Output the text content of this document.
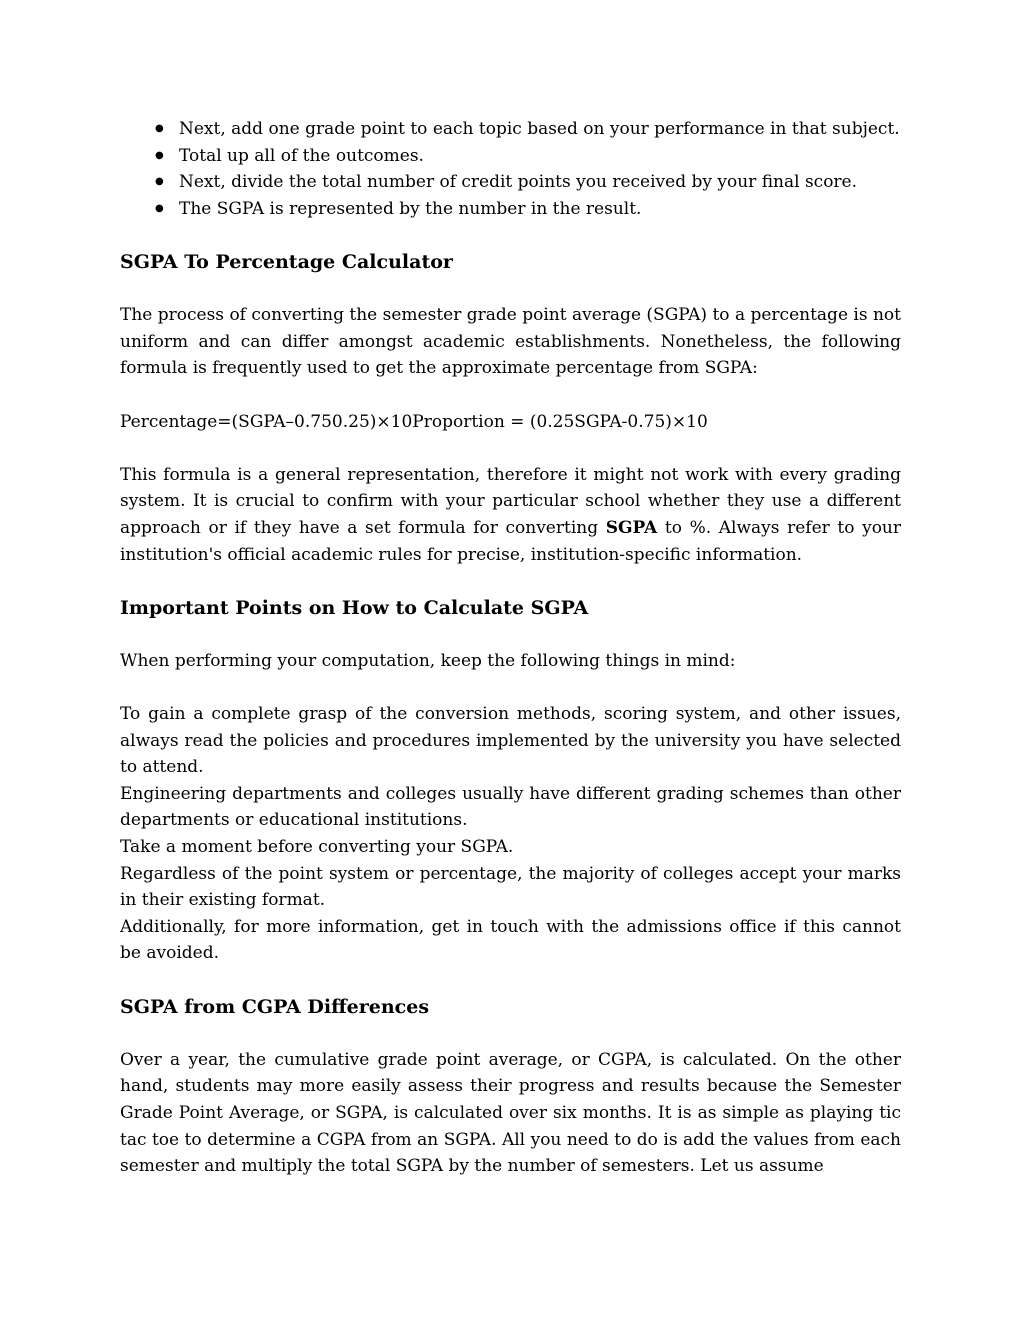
● Next, add one grade point to each topic based on your performance in that subject.
● Total up all of the outcomes.
● Next, divide the total number of credit points you received by your final score.
● The SGPA is represented by the number in the result.
SGPA To Percentage Calculator

The process of converting the semester grade point average (SGPA) to a percentage is not uniform and can differ amongst academic establishments. Nonetheless, the following formula is frequently used to get the approximate percentage from SGPA:

Percentage=(SGPA–0.750.25)×10Proportion = (0.25SGPA-0.75)×10

This formula is a general representation, therefore it might not work with every grading system. It is crucial to confirm with your particular school whether they use a different approach or if they have a set formula for converting SGPA to %. Always refer to your institution's official academic rules for precise, institution-specific information.

Important Points on How to Calculate SGPA

When performing your computation, keep the following things in mind:

To gain a complete grasp of the conversion methods, scoring system, and other issues, always read the policies and procedures implemented by the university you have selected to attend.

Engineering departments and colleges usually have different grading schemes than other departments or educational institutions.

Take a moment before converting your SGPA.

Regardless of the point system or percentage, the majority of colleges accept your marks in their existing format.

Additionally, for more information, get in touch with the admissions office if this cannot be avoided.

SGPA from CGPA Differences

Over a year, the cumulative grade point average, or CGPA, is calculated. On the other hand, students may more easily assess their progress and results because the Semester Grade Point Average, or SGPA, is calculated over six months. It is as simple as playing tic tac toe to determine a CGPA from an SGPA. All you need to do is add the values from each semester and multiply the total SGPA by the number of semesters. Let us assume
